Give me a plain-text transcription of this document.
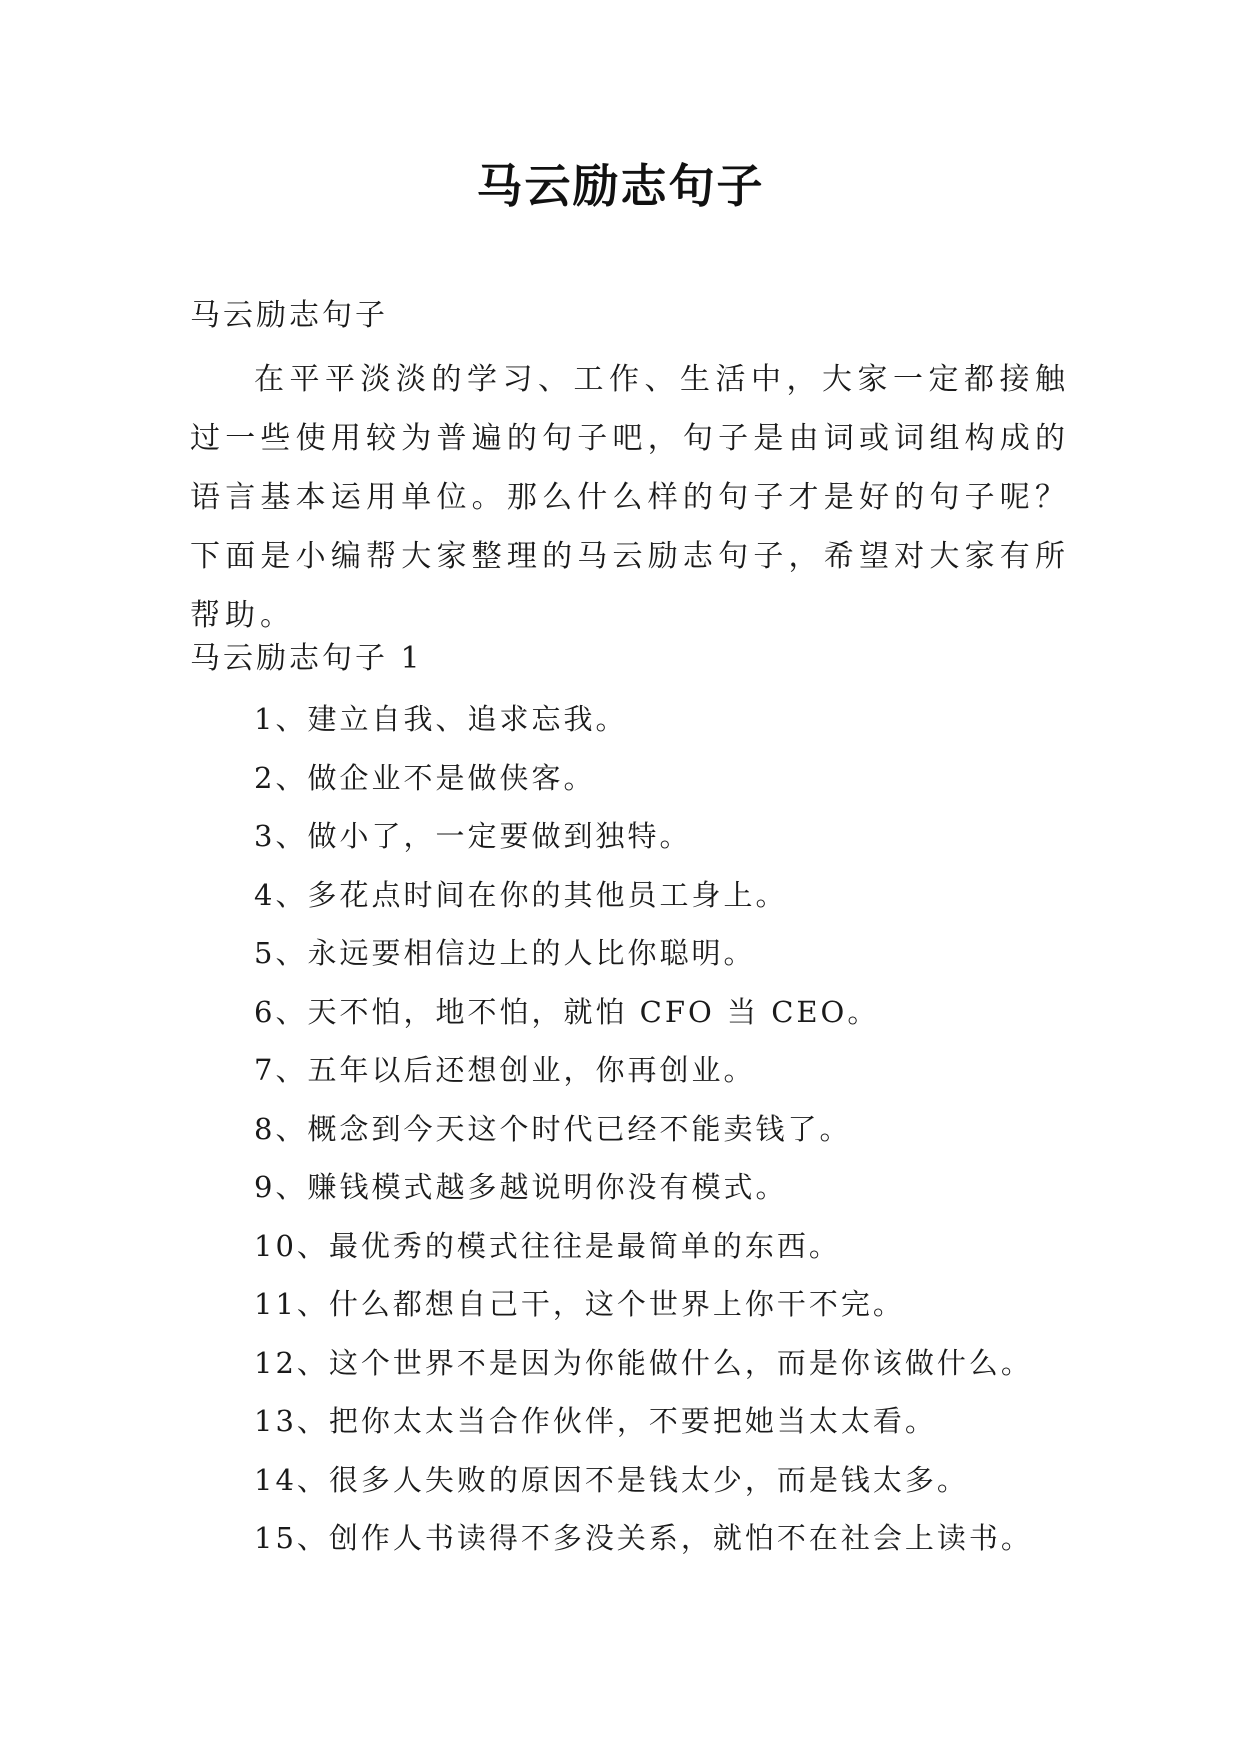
马云励志句子
马云励志句子
在平平淡淡的学习、工作、生活中，大家一定都接触过一些使用较为普遍的句子吧，句子是由词或词组构成的语言基本运用单位。那么什么样的句子才是好的句子呢？下面是小编帮大家整理的马云励志句子，希望对大家有所帮助。
马云励志句子 1
1、建立自我、追求忘我。
2、做企业不是做侠客。
3、做小了，一定要做到独特。
4、多花点时间在你的其他员工身上。
5、永远要相信边上的人比你聪明。
6、天不怕，地不怕，就怕 CFO 当 CEO。
7、五年以后还想创业，你再创业。
8、概念到今天这个时代已经不能卖钱了。
9、赚钱模式越多越说明你没有模式。
10、最优秀的模式往往是最简单的东西。
11、什么都想自己干，这个世界上你干不完。
12、这个世界不是因为你能做什么，而是你该做什么。
13、把你太太当合作伙伴，不要把她当太太看。
14、很多人失败的原因不是钱太少，而是钱太多。
15、创作人书读得不多没关系，就怕不在社会上读书。
